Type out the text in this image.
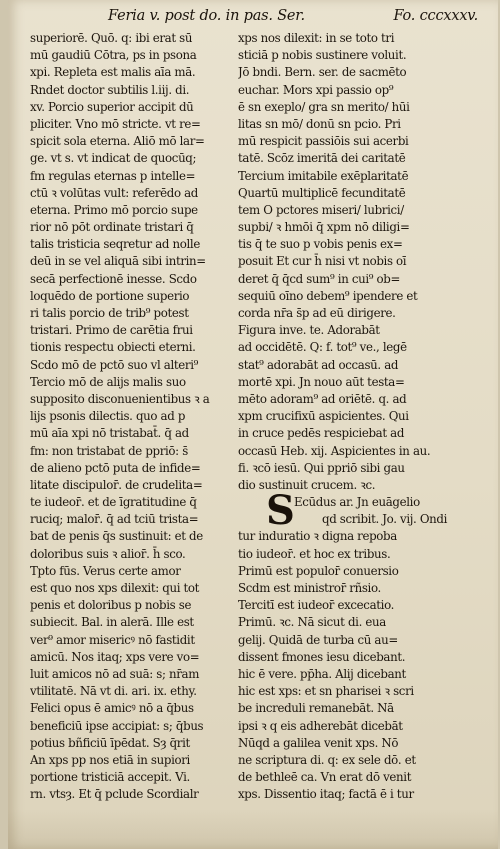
Feria v. post do. in pas. Ser.	Fo. cccxxxv.
superiorē. Quō. q: ibi erat sū
mū gaudiū Cōtra, ps in psona
xpi. Repleta est malis aīa mā.
Rndet doctor subtilis l.iij. di.
xv. Porcio superior accipit dū
pliciter. Vno mō stricte. vt re=
spicit sola eterna. Aliō mō lar=
ge. vt s. vt indicat de quocūq;
fm regulas eternas p intelle=
ctū ꝛ volūtas vult: referēdo ad
eterna. Primo mō porcio supe
rior nō pōt ordinate tristari q̄
talis tristicia seqretur ad nolle
deū in se vel aliquā sibi intrin=
secā perfectionē inesse. Scdo
loquēdo de portione superio
ri talis porcio de trib⁹ potest
tristari. Primo de carētia frui
tionis respectu obiecti eterni.
Scdo mō de pctō suo vl alteri⁹
Tercio mō de alijs malis suo
supposito disconuenientibus ꝛ a
lijs psonis dilectis. quo ad p
mū aīa xpi nō tristabat̄. q̄ ad
fm: non tristabat de ppriō: s̄
de alieno pctō puta de infide=
litate discipulor̄. de crudelita=
te iudeor̄. et de īgratitudine q̄
ruciq; malor̄. q̄ ad tciū trista=
bat de penis q̄s sustinuit: et de
doloribus suis ꝛ alior̄. h̄ sco.
Tpto fūs. Verus certe amor
est quo nos xps dilexit: qui tot
penis et doloribus p nobis se
subiecit. Bal. in alerā. Ille est
ver⁹ amor misericꝰ nō fastidit
amicū. Nos itaq; xps vere vo=
luit amicos nō ad suā: s; nr̄am
vtilitatē. Nā vt di. ari. ix. ethy.
Felici opus ē amicꝰ nō a q̄bus
beneficiū ipse accipiat: s; q̄bus
potius bñficiū īpēdat. Sȝ q̄rit
An xps pp nos etiā in supiori
portione tristiciā accepit. Vi.
rn. vtsȝ. Et q̄ pclude Scordialr
xps nos dilexit: in se toto tri
sticiā p nobis sustinere voluit.
Jō bndi. Bern. ser. de sacmēto
euchar. Mors xpi passio op⁹
ē sn exeplo/ gra sn merito/ hūi
litas sn mō/ donū sn pcio. Pri
mū respicit passiōis sui acerbi
tatē. Scōz imeritā dei caritatē
Tercium imitabile exēplaritatē
Quartū multiplicē fecunditatē
tem O pctores miseri/ lubrici/
supbi/ ꝛ hmōi q̄ xpm nō diligi=
tis q̄ te suo p vobis penis ex=
posuit Et cur h̄ nisi vt nobis oī
deret q̄ q̄cd sum⁹ in cui⁹ ob=
sequiū oīno debem⁹ ipendere et
corda nr̄a s̄p ad eū dirigere.
Figura inve. te. Adorabāt
ad occidētē. Q: f. tot⁹ ve., legē
stat⁹ adorabāt ad occasū. ad
mortē xpi. Jn nouo aūt testa=
mēto adoram⁹ ad oriētē. q. ad
xpm crucifixū aspicientes. Qui
in cruce pedēs respiciebat ad
occasū Heb. xij. Aspicientes in au.
fi. ꝛcō iesū. Qui ppriō sibi gau
dio sustinuit crucem. ꝛc.
S Ecūdus ar. Jn euāgelio
qd scribit. Jo. vij. Ondi
tur induratio ꝛ digna repoba
tio iudeor̄. et hoc ex tribus.
Primū est populor̄ conuersio
Scdm est ministror̄ rñsio.
Tercitī est iudeor̄ excecatio.
Primū. ꝛc. Nā sicut di. eua
gelij. Quidā de turba cū au=
dissent fmones iesu dicebant.
hic ē vere. pp̄ha. Alij dicebant
hic est xps: et sn pharisei ꝛ scri
be increduli remanebāt. Nā
ipsi ꝛ q eis adherebāt dicebāt
Nūqd a galilea venit xps. Nō
ne scriptura di. q: ex sele dō. et
de bethleē ca. Vn erat dō venit
xps. Dissentio itaq; factā ē i tur
